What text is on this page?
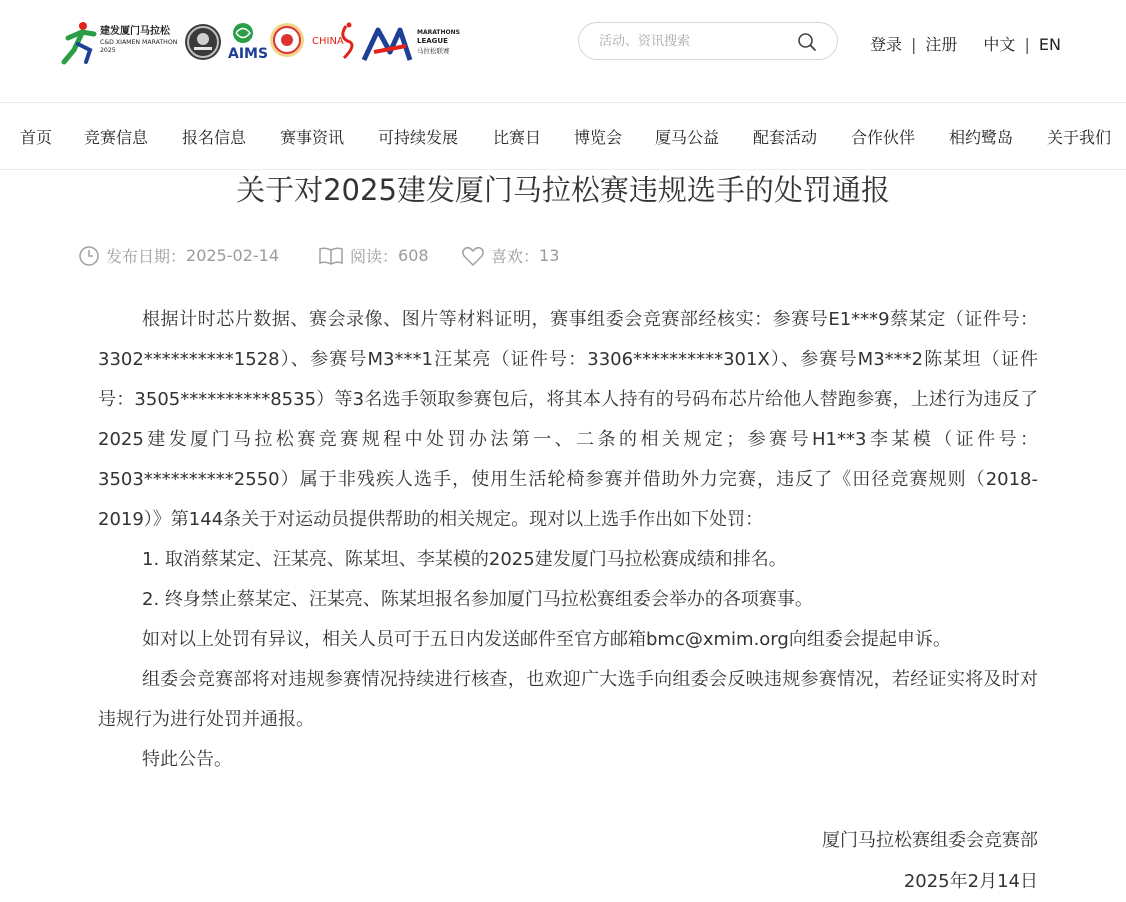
建发厦门马拉松
C&D XIAMEN MARATHON
2025	AIMS
CHINA
MARATHONS
LEAGUE
马拉松联赛
活动、资讯搜索	登录 | 注册 中文 | EN
首页 竞赛信息 报名信息 赛事资讯 可持续发展 比赛日 博览会 厦马公益 配套活动 合作伙伴 相约鹭岛 关于我们
关于对2025建发厦门马拉松赛违规选手的处罚通报
发布日期： 2025-02-14	阅读： 608	喜欢： 13

根据计时芯片数据、赛会录像、图片等材料证明，赛事组委会竞赛部经核实：参赛号E1***9蔡某定（证件号：3302**********1528）、参赛号M3***1汪某亮（证件号：3306**********301X）、参赛号M3***2陈某坦（证件号：3505**********8535）等3名选手领取参赛包后，将其本人持有的号码布芯片给他人替跑参赛，上述行为违反了2025建发厦门马拉松赛竞赛规程中处罚办法第一、二条的相关规定；参赛号H1**3李某模（证件号：3503**********2550）属于非残疾人选手，使用生活轮椅参赛并借助外力完赛，违反了《田径竞赛规则（2018-2019）》第144条关于对运动员提供帮助的相关规定。现对以上选手作出如下处罚：

1. 取消蔡某定、汪某亮、陈某坦、李某模的2025建发厦门马拉松赛成绩和排名。

2. 终身禁止蔡某定、汪某亮、陈某坦报名参加厦门马拉松赛组委会举办的各项赛事。

如对以上处罚有异议，相关人员可于五日内发送邮件至官方邮箱bmc@xmim.org向组委会提起申诉。

组委会竞赛部将对违规参赛情况持续进行核查，也欢迎广大选手向组委会反映违规参赛情况，若经证实将及时对违规行为进行处罚并通报。

特此公告。

厦门马拉松赛组委会竞赛部
2025年2月14日
